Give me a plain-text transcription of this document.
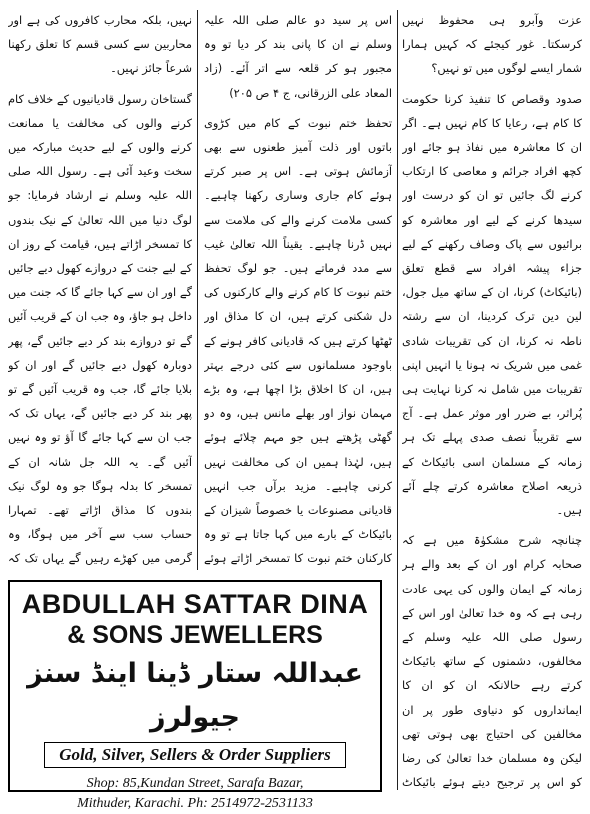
عزت وآبرو ہی محفوظ نہیں کرسکتا۔ غور کیجئے کہ کہیں ہمارا شمار ایسے لوگوں میں تو نہیں؟

صدود وقصاص کا تنفیذ کرنا حکومت کا کام ہے، رعایا کا کام نہیں ہے۔ اگر ان کا معاشرہ میں نفاذ ہو جائے اور کچھ افراد جرائم و معاصی کا ارتکاب کرنے لگ جائیں تو ان کو درست اور سیدھا کرنے کے لیے اور معاشرہ کو برائیوں سے پاک وصاف رکھنے کے لیے جزاء پیشہ افراد سے قطع تعلق (بائیکاٹ) کرنا، ان کے ساتھ میل جول، لین دین ترک کردینا، ان سے رشتہ ناطہ نہ کرنا، ان کی تقریبات شادی غمی میں شریک نہ ہونا یا انہیں اپنی تقریبات میں شامل نہ کرنا نہایت ہی پُراثر، بے ضرر اور موثر عمل ہے۔ آج سے تقریباً نصف صدی پہلے تک ہر زمانہ کے مسلمان اسی بائیکاٹ کے ذریعہ اصلاح معاشرہ کرتے چلے آئے ہیں۔

چنانچہ شرح مشکوٰۃ میں ہے کہ صحابہ کرام اور ان کے بعد والے ہر زمانہ کے ایمان والوں کی یہی عادت رہی ہے کہ وہ خدا تعالیٰ اور اس کے رسول صلی اللہ علیہ وسلم کے مخالفوں، دشمنوں کے ساتھ بائیکاٹ کرتے رہے حالانکہ ان کو ان کا ایمانداروں کو دنیاوی طور پر ان مخالفین کی احتیاج بھی ہوتی تھی لیکن وہ مسلمان خدا تعالیٰ کی رضا کو اس پر ترجیح دیتے ہوئے بائیکاٹ

اس پر سید دو عالم صلی اللہ علیہ وسلم نے ان کا پانی بند کر دیا تو وہ مجبور ہو کر قلعہ سے اتر آئے۔ (زاد المعاد علی الزرقانی، ج ۴ ص ۲۰۵)

تحفظ ختم نبوت کے کام میں کڑوی باتوں اور ذلت آمیز طعنوں سے بھی آزمائش ہوتی ہے۔ اس پر صبر کرتے ہوئے کام جاری وساری رکھنا چاہیے۔ کسی ملامت کرنے والے کی ملامت سے نہیں ڈرنا چاہیے۔ یقیناً اللہ تعالیٰ غیب سے مدد فرماتے ہیں۔ جو لوگ تحفظ ختم نبوت کا کام کرنے والے کارکنوں کی دل شکنی کرتے ہیں، ان کا مذاق اور ٹھٹھا کرتے ہیں کہ قادیانی کافر ہونے کے باوجود مسلمانوں سے کئی درجے بہتر ہیں، ان کا اخلاق بڑا اچھا ہے، وہ بڑے مہمان نواز اور بھلے مانس ہیں، وہ دو گھٹی پڑھتے ہیں جو مہم چلائے ہوئے ہیں، لہٰذا ہمیں ان کی مخالفت نہیں کرنی چاہیے۔ مزید برآں جب انہیں قادیانی مصنوعات یا خصوصاً شیزان کے بائیکاٹ کے بارے میں کہا جاتا ہے تو وہ کارکنان ختم نبوت کا تمسخر اڑاتے ہوئے

نہیں، بلکہ محارب کافروں کی ہے اور محاربین سے کسی قسم کا تعلق رکھنا شرعاً جائز نہیں۔

گستاخان رسول قادیانیوں کے خلاف کام کرنے والوں کی مخالفت یا ممانعت کرنے والوں کے لیے حدیث مبارکہ میں سخت وعید آئی ہے۔ رسول اللہ صلی اللہ علیہ وسلم نے ارشاد فرمایا: جو لوگ دنیا میں اللہ تعالیٰ کے نیک بندوں کا تمسخر اڑاتے ہیں، قیامت کے روز ان کے لیے جنت کے دروازے کھول دیے جائیں گے اور ان سے کہا جائے گا کہ جنت میں داخل ہو جاؤ، وہ جب ان کے قریب آئیں گے تو دروازے بند کر دیے جائیں گے، پھر دوبارہ کھول دیے جائیں گے اور ان کو بلایا جائے گا، جب وہ قریب آئیں گے تو پھر بند کر دیے جائیں گے، یہاں تک کہ جب ان سے کہا جائے گا آؤ تو وہ نہیں آئیں گے۔ یہ اللہ جل شانہ ان کے تمسخر کا بدلہ ہوگا جو وہ لوگ نیک بندوں کا مذاق اڑاتے تھے۔ تمہارا حساب سب سے آخر میں ہوگا، وہ گرمی میں کھڑے رہیں گے یہاں تک کہ

ABDULLAH SATTAR DINA
& SONS JEWELLERS
عبداللہ ستار ڈینا اینڈ سنز جیولرز
Gold, Silver, Sellers & Order Suppliers
Shop: 85,Kundan Street, Sarafa Bazar,
Mithuder, Karachi. Ph: 2514972-2531133
